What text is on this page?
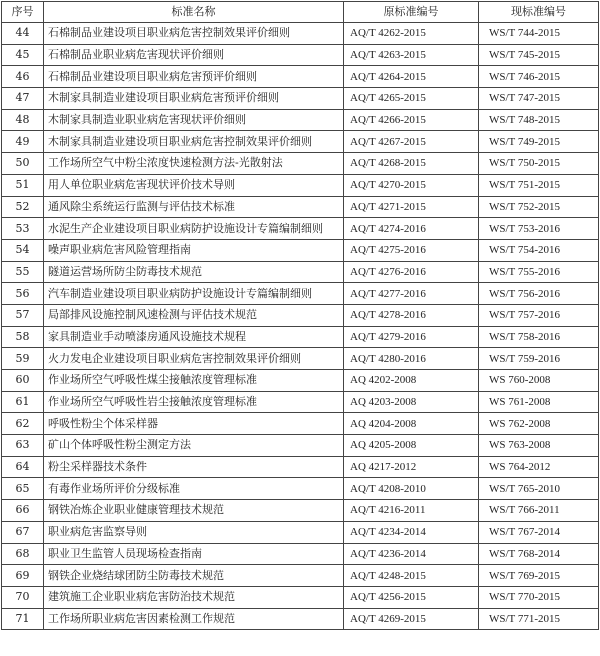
序号	标准名称	原标准编号	现标准编号
44	石棉制品业建设项目职业病危害控制效果评价细则	AQ/T 4262-2015	WS/T 744-2015
45	石棉制品业职业病危害现状评价细则	AQ/T 4263-2015	WS/T 745-2015
46	石棉制品业建设项目职业病危害预评价细则	AQ/T 4264-2015	WS/T 746-2015
47	木制家具制造业建设项目职业病危害预评价细则	AQ/T 4265-2015	WS/T 747-2015
48	木制家具制造业职业病危害现状评价细则	AQ/T 4266-2015	WS/T 748-2015
49	木制家具制造业建设项目职业病危害控制效果评价细则	AQ/T 4267-2015	WS/T 749-2015
50	工作场所空气中粉尘浓度快速检测方法-光散射法	AQ/T 4268-2015	WS/T 750-2015
51	用人单位职业病危害现状评价技术导则	AQ/T 4270-2015	WS/T 751-2015
52	通风除尘系统运行监测与评估技术标准	AQ/T 4271-2015	WS/T 752-2015
53	水泥生产企业建设项目职业病防护设施设计专篇编制细则	AQ/T 4274-2016	WS/T 753-2016
54	噪声职业病危害风险管理指南	AQ/T 4275-2016	WS/T 754-2016
55	隧道运营场所防尘防毒技术规范	AQ/T 4276-2016	WS/T 755-2016
56	汽车制造业建设项目职业病防护设施设计专篇编制细则	AQ/T 4277-2016	WS/T 756-2016
57	局部排风设施控制风速检测与评估技术规范	AQ/T 4278-2016	WS/T 757-2016
58	家具制造业手动喷漆房通风设施技术规程	AQ/T 4279-2016	WS/T 758-2016
59	火力发电企业建设项目职业病危害控制效果评价细则	AQ/T 4280-2016	WS/T 759-2016
60	作业场所空气呼吸性煤尘接触浓度管理标准	AQ 4202-2008	WS 760-2008
61	作业场所空气呼吸性岩尘接触浓度管理标准	AQ 4203-2008	WS 761-2008
62	呼吸性粉尘个体采样器	AQ 4204-2008	WS 762-2008
63	矿山个体呼吸性粉尘测定方法	AQ 4205-2008	WS 763-2008
64	粉尘采样器技术条件	AQ 4217-2012	WS 764-2012
65	有毒作业场所评价分级标准	AQ/T 4208-2010	WS/T 765-2010
66	钢铁冶炼企业职业健康管理技术规范	AQ/T 4216-2011	WS/T 766-2011
67	职业病危害监察导则	AQ/T 4234-2014	WS/T 767-2014
68	职业卫生监管人员现场检查指南	AQ/T 4236-2014	WS/T 768-2014
69	钢铁企业烧结球团防尘防毒技术规范	AQ/T 4248-2015	WS/T 769-2015
70	建筑施工企业职业病危害防治技术规范	AQ/T 4256-2015	WS/T 770-2015
71	工作场所职业病危害因素检测工作规范	AQ/T 4269-2015	WS/T 771-2015
